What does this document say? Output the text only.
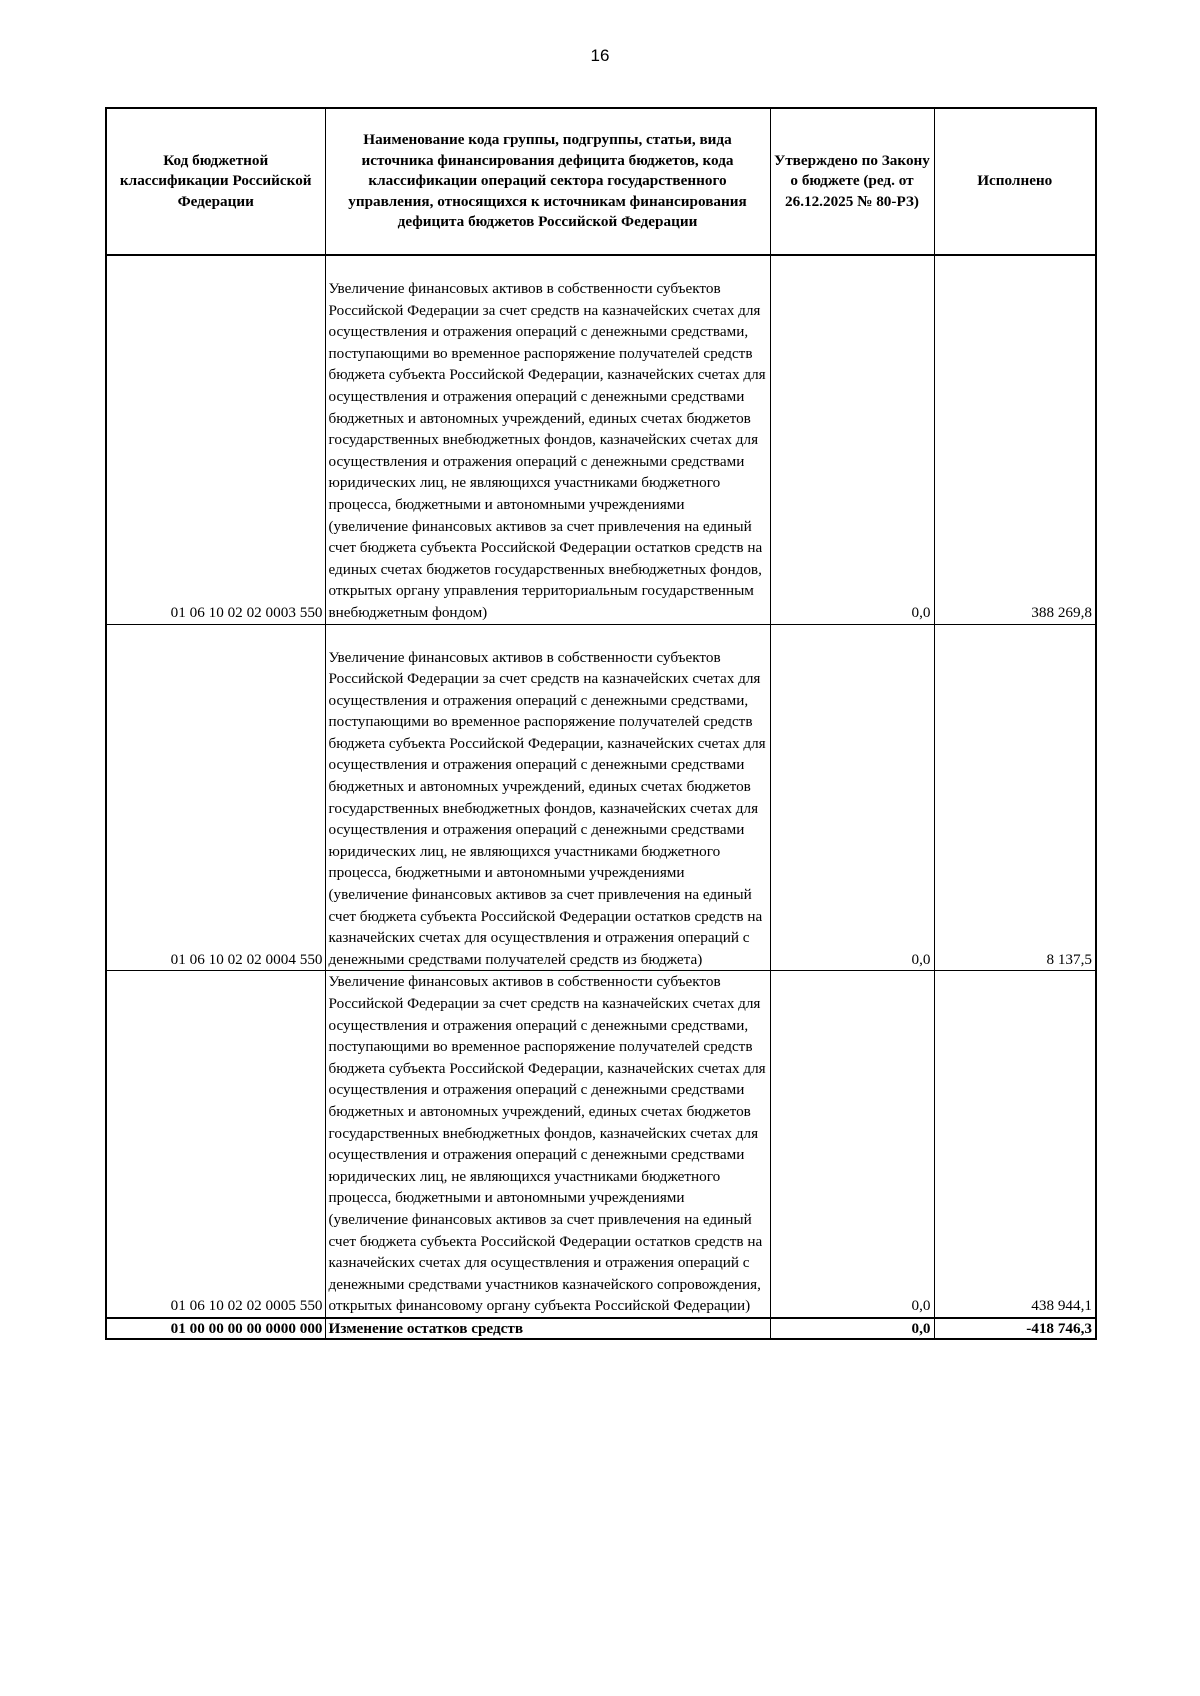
16
Код бюджетной классификации Российской Федерации	Наименование кода группы, подгруппы, статьи, вида источника финансирования дефицита бюджетов, кода классификации операций сектора государственного управления, относящихся к источникам финансирования дефицита бюджетов Российской Федерации	Утверждено по Закону о бюджете (ред. от 26.12.2025 № 80-РЗ)	Исполнено
01 06 10 02 02 0003 550	Увеличение финансовых активов в собственности субъектов Российской Федерации за счет средств на казначейских счетах для осуществления и отражения операций с денежными средствами, поступающими во временное распоряжение получателей средств бюджета субъекта Российской Федерации, казначейских счетах для осуществления и отражения операций с денежными средствами бюджетных и автономных учреждений, единых счетах бюджетов государственных внебюджетных фондов, казначейских счетах для осуществления и отражения операций с денежными средствами юридических лиц, не являющихся участниками бюджетного процесса, бюджетными и автономными учреждениями (увеличение финансовых активов за счет привлечения на единый счет бюджета субъекта Российской Федерации остатков средств на единых счетах бюджетов государственных внебюджетных фондов, открытых органу управления территориальным государственным внебюджетным фондом)	0,0	388 269,8
01 06 10 02 02 0004 550	Увеличение финансовых активов в собственности субъектов Российской Федерации за счет средств на казначейских счетах для осуществления и отражения операций с денежными средствами, поступающими во временное распоряжение получателей средств бюджета субъекта Российской Федерации, казначейских счетах для осуществления и отражения операций с денежными средствами бюджетных и автономных учреждений, единых счетах бюджетов государственных внебюджетных фондов, казначейских счетах для осуществления и отражения операций с денежными средствами юридических лиц, не являющихся участниками бюджетного процесса, бюджетными и автономными учреждениями (увеличение финансовых активов за счет привлечения на единый счет бюджета субъекта Российской Федерации остатков средств на казначейских счетах для осуществления и отражения операций с денежными средствами получателей средств из бюджета)	0,0	8 137,5
01 06 10 02 02 0005 550	Увеличение финансовых активов в собственности субъектов Российской Федерации за счет средств на казначейских счетах для осуществления и отражения операций с денежными средствами, поступающими во временное распоряжение получателей средств бюджета субъекта Российской Федерации, казначейских счетах для осуществления и отражения операций с денежными средствами бюджетных и автономных учреждений, единых счетах бюджетов государственных внебюджетных фондов, казначейских счетах для осуществления и отражения операций с денежными средствами юридических лиц, не являющихся участниками бюджетного процесса, бюджетными и автономными учреждениями (увеличение финансовых активов за счет привлечения на единый счет бюджета субъекта Российской Федерации остатков средств на казначейских счетах для осуществления и отражения операций с денежными средствами участников казначейского сопровождения, открытых финансовому органу субъекта Российской Федерации)	0,0	438 944,1
01 00 00 00 00 0000 000	Изменение остатков средств	0,0	-418 746,3
